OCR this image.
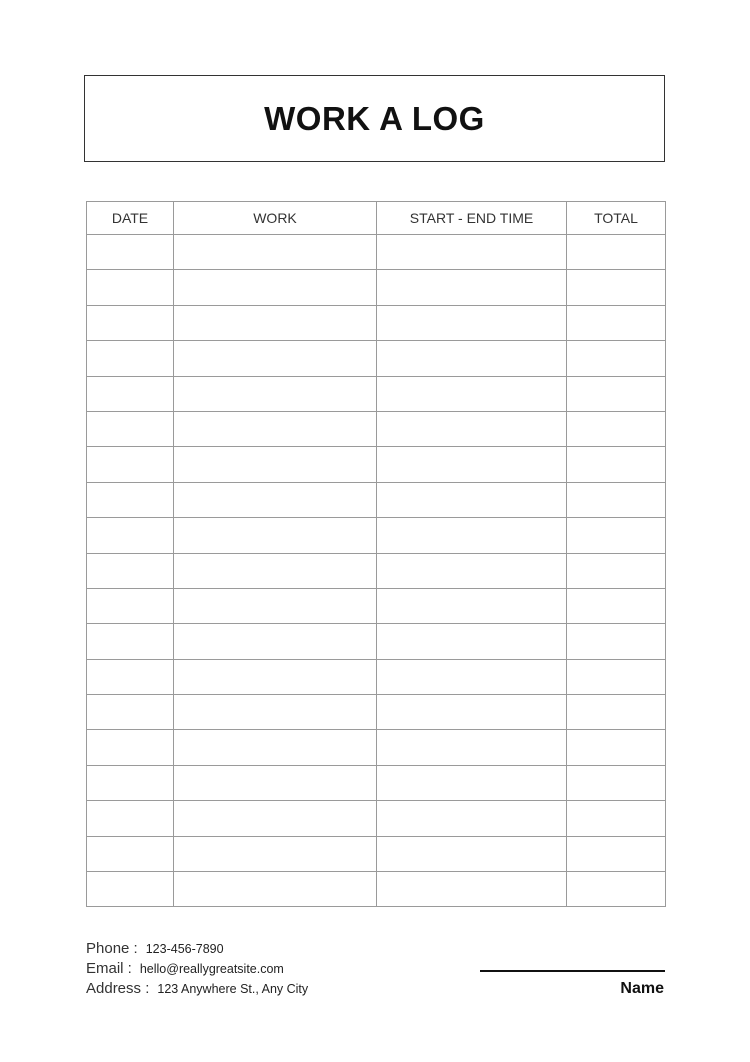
WORK A LOG
DATE	WORK	START - END TIME	TOTAL

Phone : 123-456-7890
Email : hello@reallygreatsite.com
Address : 123 Anywhere St., Any City	Name
